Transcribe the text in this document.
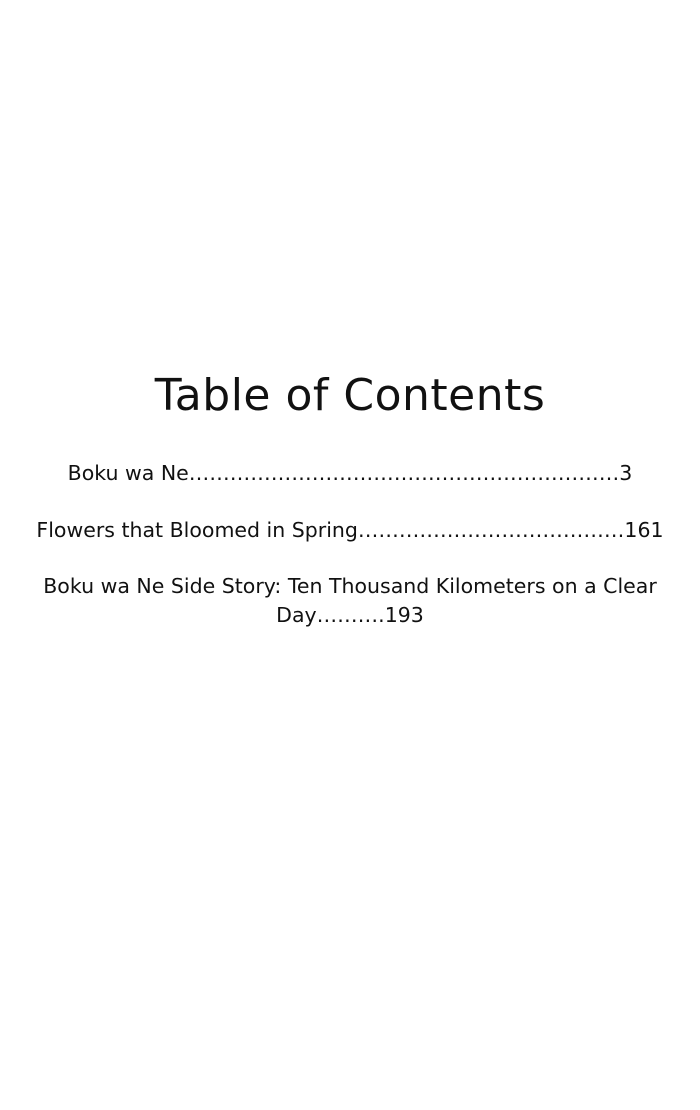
Table of Contents
Boku wa Ne………………………………………………………3
Flowers that Bloomed in Spring…………………………………161
Boku wa Ne Side Story: Ten Thousand Kilometers on a Clear
Day……….193
